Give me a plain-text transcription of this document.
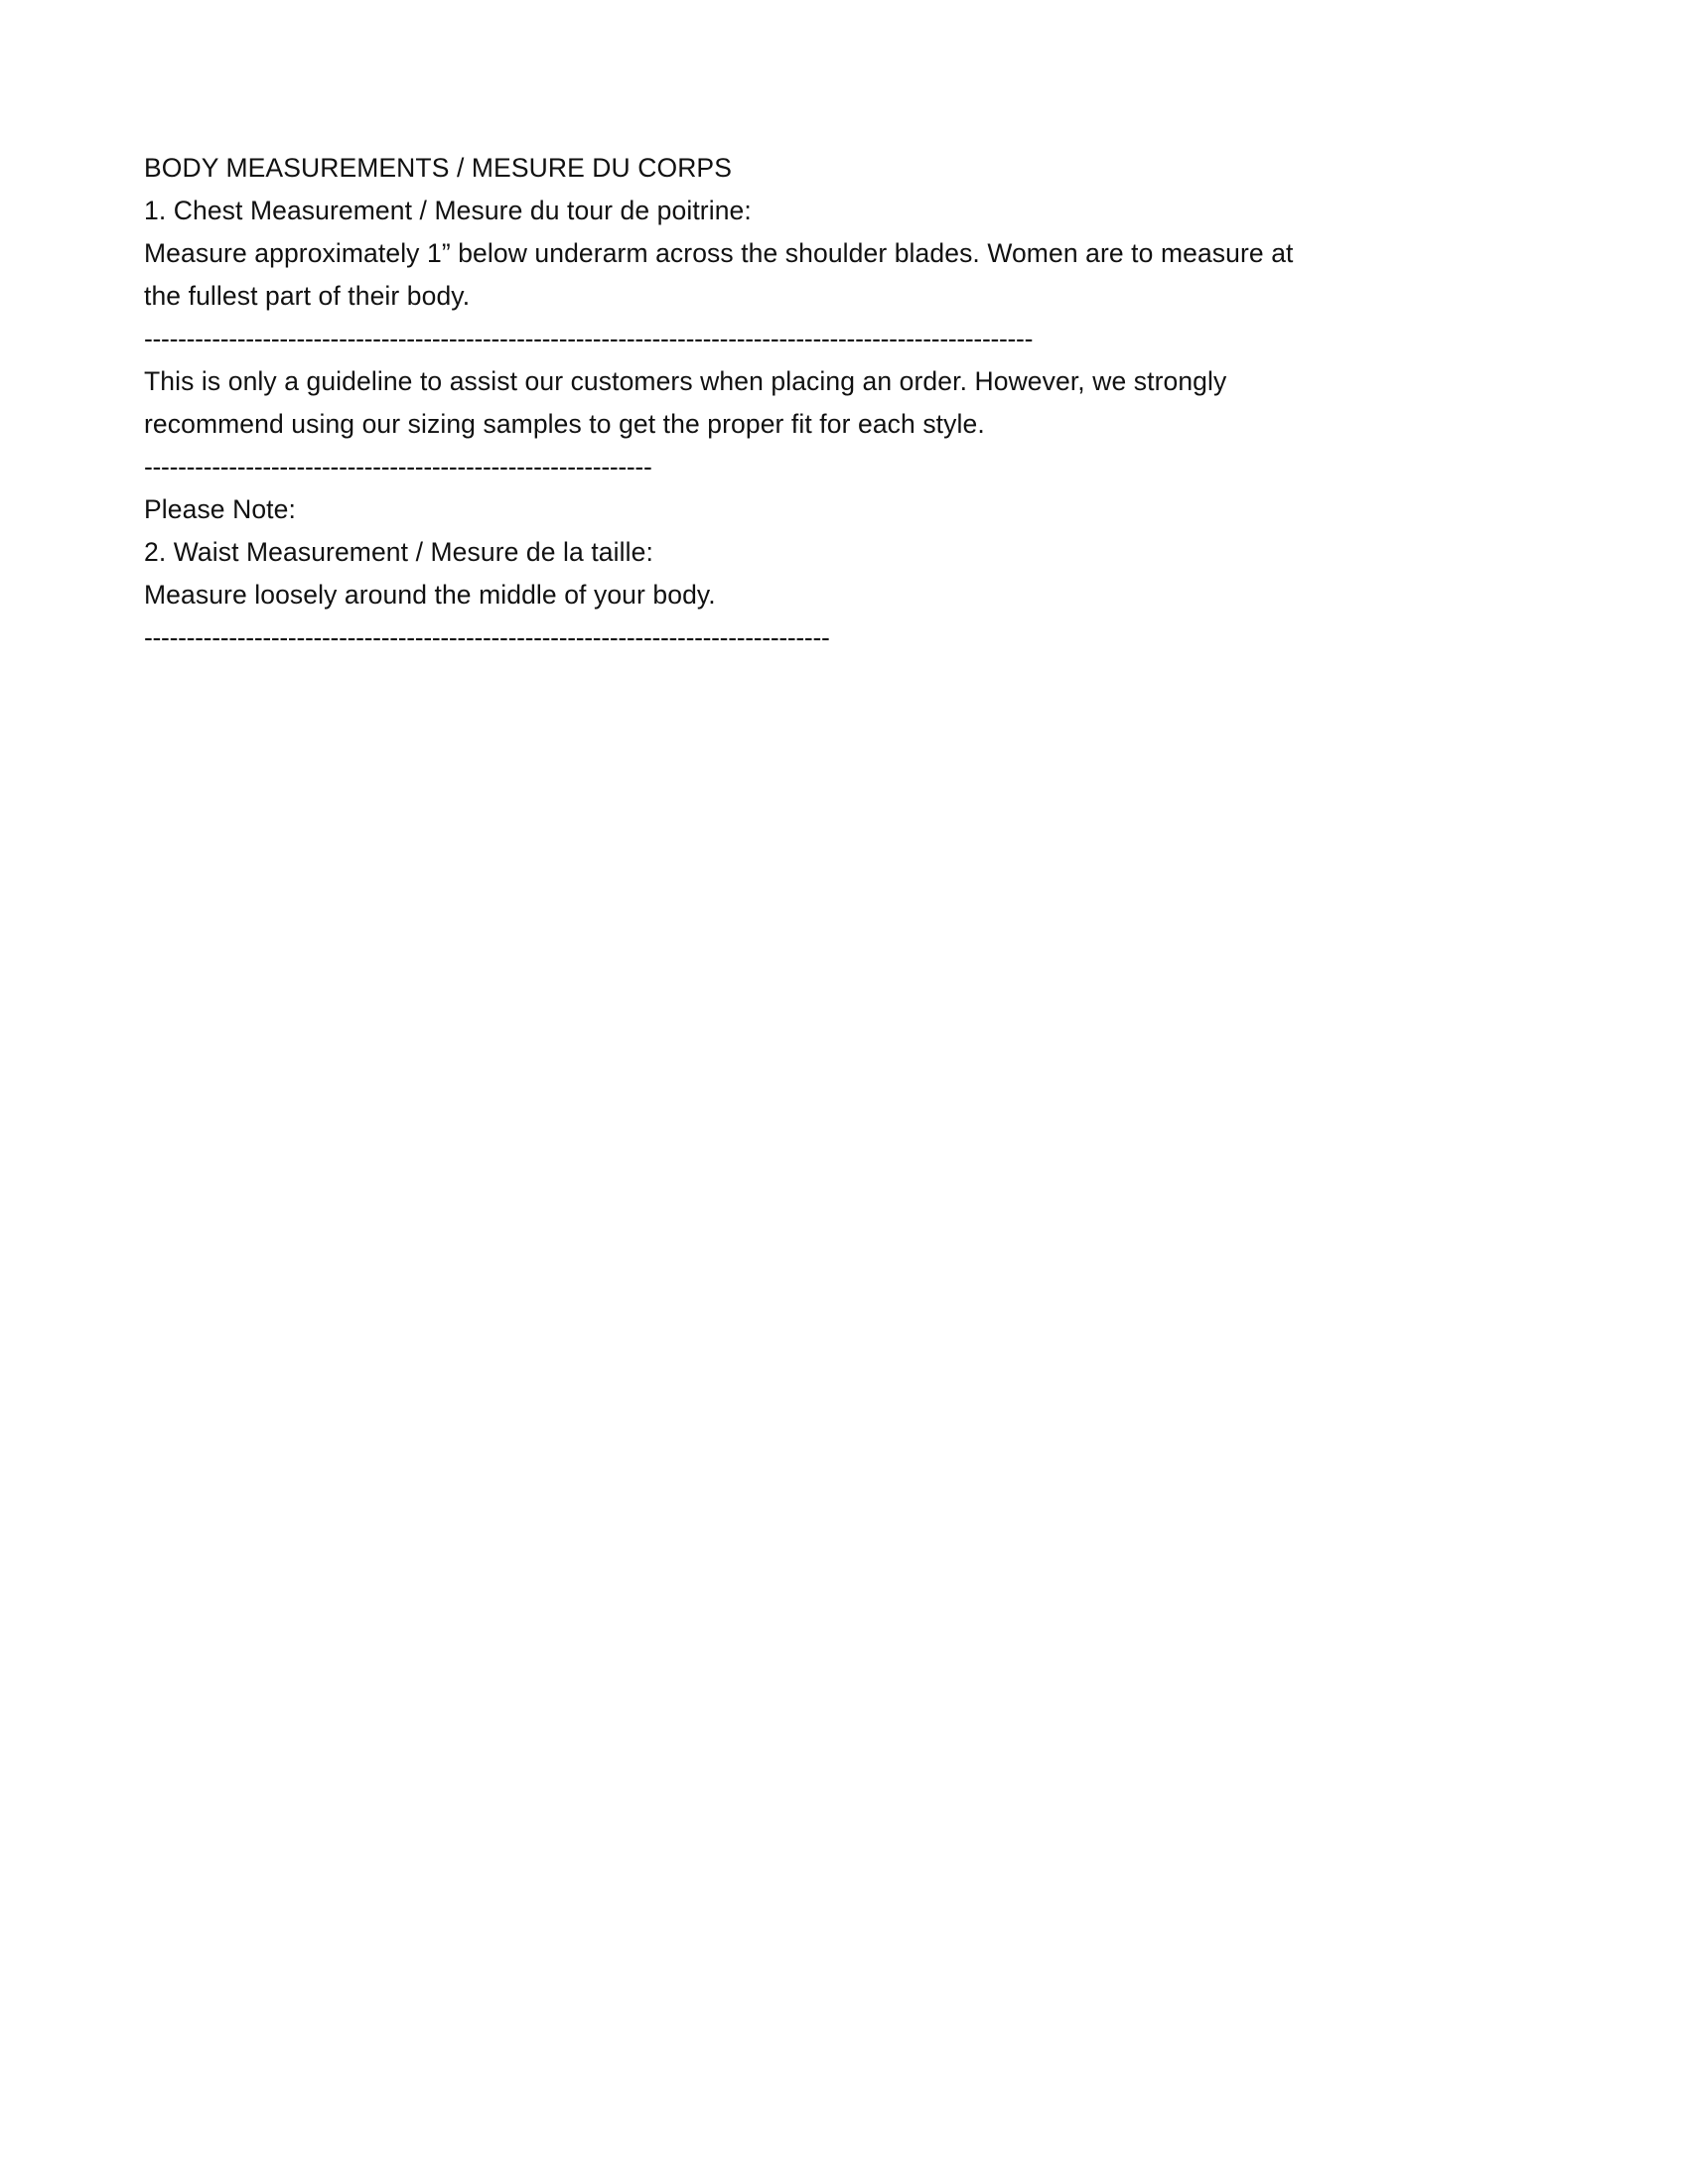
BODY MEASUREMENTS / MESURE DU CORPS
1. Chest Measurement / Mesure du tour de poitrine:
Measure approximately 1” below underarm across the shoulder blades. Women are to measure at the fullest part of their body.
---------------------------------------------------------------------------------------------------------
This is only a guideline to assist our customers when placing an order. However, we strongly recommend using our sizing samples to get the proper fit for each style.
------------------------------------------------------------
Please Note:
2. Waist Measurement / Mesure de la taille:
Measure loosely around the middle of your body.
---------------------------------------------------------------------------------
